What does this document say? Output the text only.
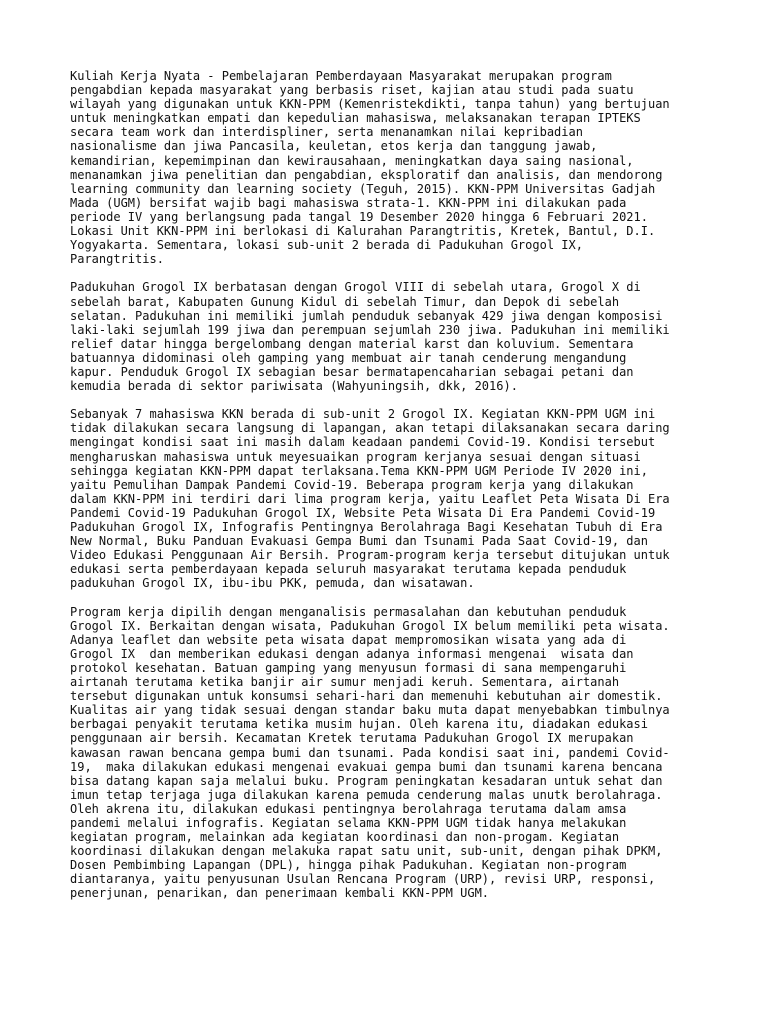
Kuliah Kerja Nyata - Pembelajaran Pemberdayaan Masyarakat merupakan program
pengabdian kepada masyarakat yang berbasis riset, kajian atau studi pada suatu
wilayah yang digunakan untuk KKN-PPM (Kemenristekdikti, tanpa tahun) yang bertujuan
untuk meningkatkan empati dan kepedulian mahasiswa, melaksanakan terapan IPTEKS
secara team work dan interdispliner, serta menanamkan nilai kepribadian
nasionalisme dan jiwa Pancasila, keuletan, etos kerja dan tanggung jawab,
kemandirian, kepemimpinan dan kewirausahaan, meningkatkan daya saing nasional,
menanamkan jiwa penelitian dan pengabdian, eksploratif dan analisis, dan mendorong
learning community dan learning society (Teguh, 2015). KKN-PPM Universitas Gadjah
Mada (UGM) bersifat wajib bagi mahasiswa strata-1. KKN-PPM ini dilakukan pada
periode IV yang berlangsung pada tangal 19 Desember 2020 hingga 6 Februari 2021.
Lokasi Unit KKN-PPM ini berlokasi di Kalurahan Parangtritis, Kretek, Bantul, D.I.
Yogyakarta. Sementara, lokasi sub-unit 2 berada di Padukuhan Grogol IX,
Parangtritis.
Padukuhan Grogol IX berbatasan dengan Grogol VIII di sebelah utara, Grogol X di
sebelah barat, Kabupaten Gunung Kidul di sebelah Timur, dan Depok di sebelah
selatan. Padukuhan ini memiliki jumlah penduduk sebanyak 429 jiwa dengan komposisi
laki-laki sejumlah 199 jiwa dan perempuan sejumlah 230 jiwa. Padukuhan ini memiliki
relief datar hingga bergelombang dengan material karst dan koluvium. Sementara
batuannya didominasi oleh gamping yang membuat air tanah cenderung mengandung
kapur. Penduduk Grogol IX sebagian besar bermatapencaharian sebagai petani dan
kemudia berada di sektor pariwisata (Wahyuningsih, dkk, 2016).
Sebanyak 7 mahasiswa KKN berada di sub-unit 2 Grogol IX. Kegiatan KKN-PPM UGM ini
tidak dilakukan secara langsung di lapangan, akan tetapi dilaksanakan secara daring
mengingat kondisi saat ini masih dalam keadaan pandemi Covid-19. Kondisi tersebut
mengharuskan mahasiswa untuk meyesuaikan program kerjanya sesuai dengan situasi
sehingga kegiatan KKN-PPM dapat terlaksana.Tema KKN-PPM UGM Periode IV 2020 ini,
yaitu Pemulihan Dampak Pandemi Covid-19. Beberapa program kerja yang dilakukan
dalam KKN-PPM ini terdiri dari lima program kerja, yaitu Leaflet Peta Wisata Di Era
Pandemi Covid-19 Padukuhan Grogol IX, Website Peta Wisata Di Era Pandemi Covid-19
Padukuhan Grogol IX, Infografis Pentingnya Berolahraga Bagi Kesehatan Tubuh di Era
New Normal, Buku Panduan Evakuasi Gempa Bumi dan Tsunami Pada Saat Covid-19, dan
Video Edukasi Penggunaan Air Bersih. Program-program kerja tersebut ditujukan untuk
edukasi serta pemberdayaan kepada seluruh masyarakat terutama kepada penduduk
padukuhan Grogol IX, ibu-ibu PKK, pemuda, dan wisatawan.
Program kerja dipilih dengan menganalisis permasalahan dan kebutuhan penduduk
Grogol IX. Berkaitan dengan wisata, Padukuhan Grogol IX belum memiliki peta wisata.
Adanya leaflet dan website peta wisata dapat mempromosikan wisata yang ada di
Grogol IX  dan memberikan edukasi dengan adanya informasi mengenai  wisata dan
protokol kesehatan. Batuan gamping yang menyusun formasi di sana mempengaruhi
airtanah terutama ketika banjir air sumur menjadi keruh. Sementara, airtanah
tersebut digunakan untuk konsumsi sehari-hari dan memenuhi kebutuhan air domestik.
Kualitas air yang tidak sesuai dengan standar baku muta dapat menyebabkan timbulnya
berbagai penyakit terutama ketika musim hujan. Oleh karena itu, diadakan edukasi
penggunaan air bersih. Kecamatan Kretek terutama Padukuhan Grogol IX merupakan
kawasan rawan bencana gempa bumi dan tsunami. Pada kondisi saat ini, pandemi Covid-
19,  maka dilakukan edukasi mengenai evakuai gempa bumi dan tsunami karena bencana
bisa datang kapan saja melalui buku. Program peningkatan kesadaran untuk sehat dan
imun tetap terjaga juga dilakukan karena pemuda cenderung malas unutk berolahraga.
Oleh akrena itu, dilakukan edukasi pentingnya berolahraga terutama dalam amsa
pandemi melalui infografis. Kegiatan selama KKN-PPM UGM tidak hanya melakukan
kegiatan program, melainkan ada kegiatan koordinasi dan non-progam. Kegiatan
koordinasi dilakukan dengan melakuka rapat satu unit, sub-unit, dengan pihak DPKM,
Dosen Pembimbing Lapangan (DPL), hingga pihak Padukuhan. Kegiatan non-program
diantaranya, yaitu penyusunan Usulan Rencana Program (URP), revisi URP, responsi,
penerjunan, penarikan, dan penerimaan kembali KKN-PPM UGM.
